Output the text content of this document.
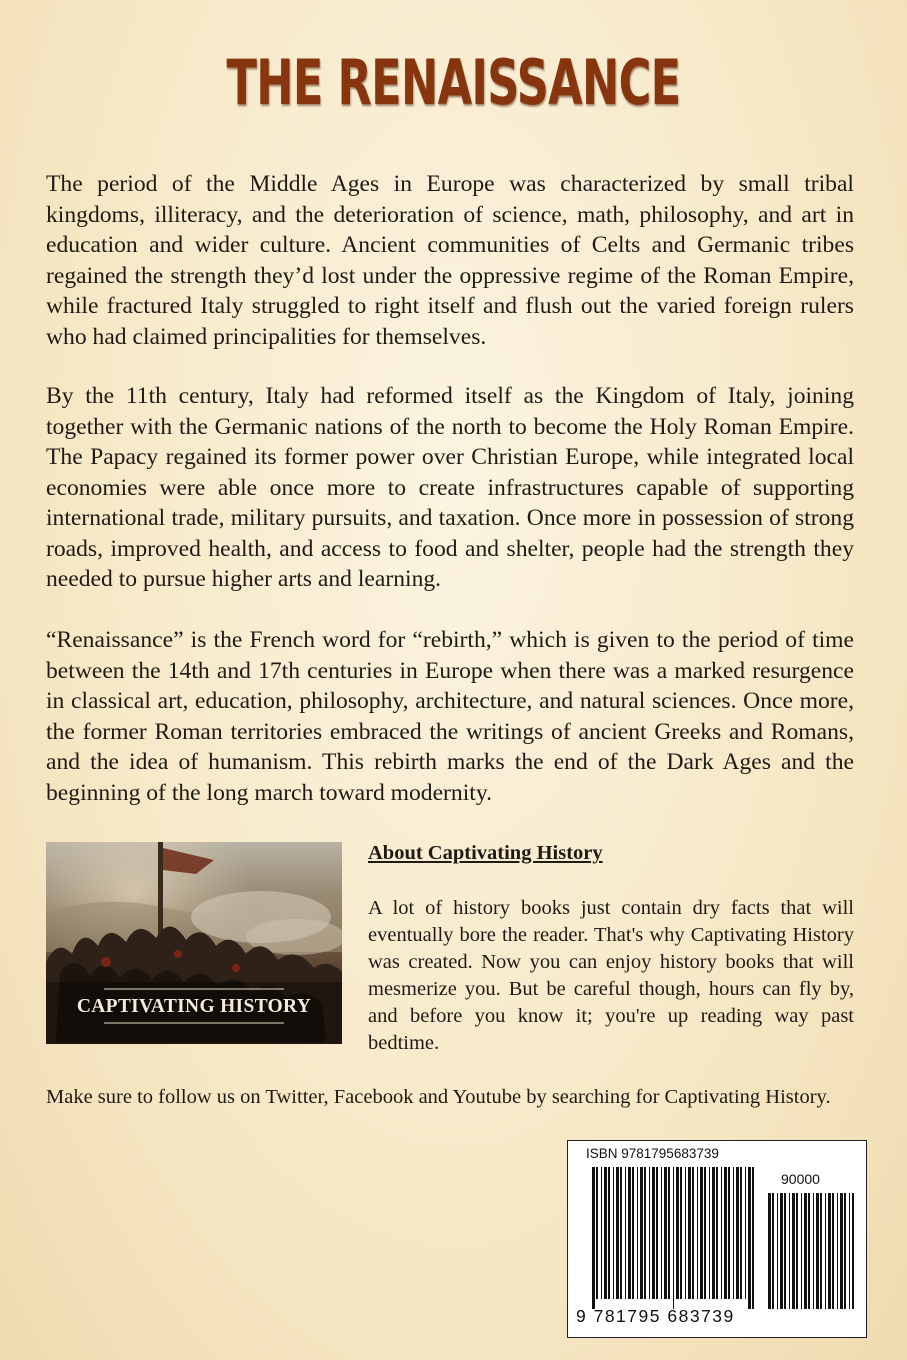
THE RENAISSANCE

The period of the Middle Ages in Europe was characterized by small tribal kingdoms, illiteracy, and the deterioration of science, math, philosophy, and art in education and wider culture. Ancient communities of Celts and Germanic tribes regained the strength they’d lost under the oppressive regime of the Roman Empire, while fractured Italy struggled to right itself and flush out the varied foreign rulers who had claimed principalities for themselves.

By the 11th century, Italy had reformed itself as the Kingdom of Italy, joining together with the Germanic nations of the north to become the Holy Roman Empire. The Papacy regained its former power over Christian Europe, while integrated local economies were able once more to create infrastructures capable of supporting international trade, military pursuits, and taxation. Once more in possession of strong roads, improved health, and access to food and shelter, people had the strength they needed to pursue higher arts and learning.

“Renaissance” is the French word for “rebirth,” which is given to the period of time between the 14th and 17th centuries in Europe when there was a marked resurgence in classical art, education, philosophy, architecture, and natural sciences. Once more, the former Roman territories embraced the writings of ancient Greeks and Romans, and the idea of humanism. This rebirth marks the end of the Dark Ages and the beginning of the long march toward modernity.

CAPTIVATING HISTORY
About Captivating History

A lot of history books just contain dry facts that will eventually bore the reader. That's why Captivating History was created. Now you can enjoy history books that will mesmerize you. But be careful though, hours can fly by, and before you know it; you're up reading way past bedtime.

Make sure to follow us on Twitter, Facebook and Youtube by searching for Captivating History.

ISBN 9781795683739
90000
9 781795 683739
